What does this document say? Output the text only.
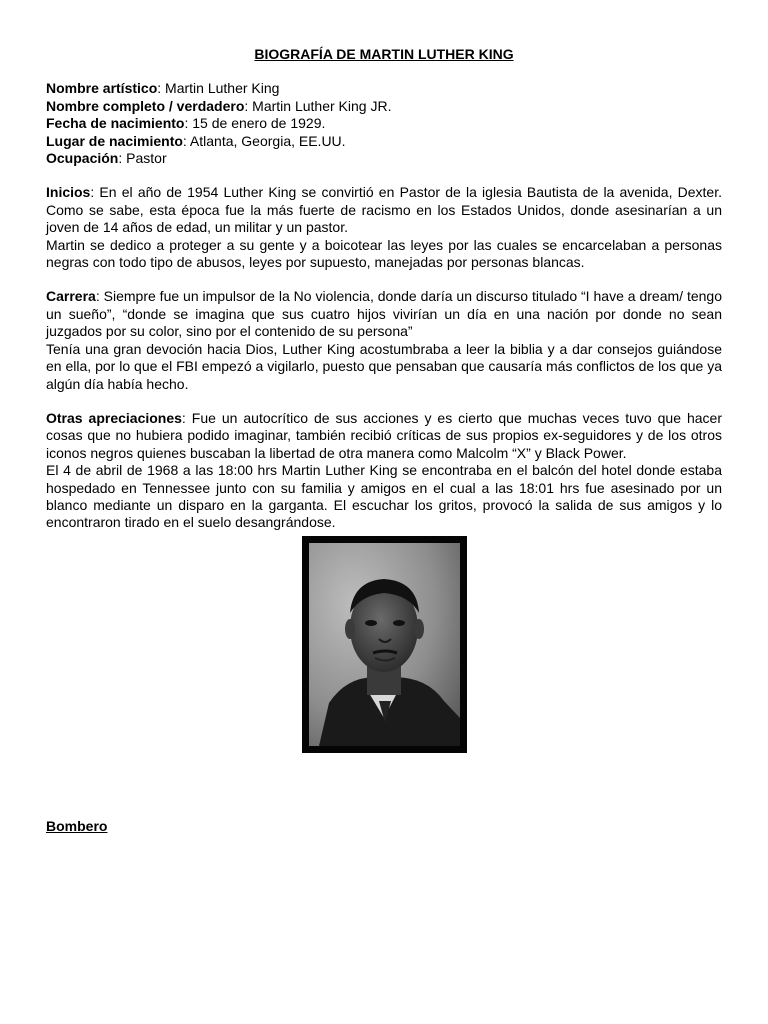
BIOGRAFÍA DE MARTIN LUTHER KING
Nombre artístico: Martin Luther King
Nombre completo / verdadero: Martin Luther King JR.
Fecha de nacimiento: 15 de enero de 1929.
Lugar de nacimiento: Atlanta, Georgia, EE.UU.
Ocupación: Pastor

Inicios: En el año de 1954 Luther King se convirtió en Pastor de la iglesia Bautista de la avenida, Dexter. Como se sabe, esta época fue la más fuerte de racismo en los Estados Unidos, donde asesinarían a un joven de 14 años de edad, un militar y un pastor.

Martin se dedico a proteger a su gente y a boicotear las leyes por las cuales se encarcelaban a personas negras con todo tipo de abusos, leyes por supuesto, manejadas por personas blancas.

Carrera: Siempre fue un impulsor de la No violencia, donde daría un discurso titulado “I have a dream/ tengo un sueño”, “donde se imagina que sus cuatro hijos vivirían un día en una nación por donde no sean juzgados por su color, sino por el contenido de su persona”

Tenía una gran devoción hacia Dios, Luther King acostumbraba a leer la biblia y a dar consejos guiándose en ella, por lo que el FBI empezó a vigilarlo, puesto que pensaban que causaría más conflictos de los que ya algún día había hecho.

Otras apreciaciones: Fue un autocrítico de sus acciones y es cierto que muchas veces tuvo que hacer cosas que no hubiera podido imaginar, también recibió críticas de sus propios ex-seguidores y de los otros iconos negros quienes buscaban la libertad de otra manera como Malcolm “X” y Black Power.

El 4 de abril de 1968 a las 18:00 hrs Martin Luther King se encontraba en el balcón del hotel donde estaba hospedado en Tennessee junto con su familia y amigos en el cual a las 18:01 hrs fue asesinado por un blanco mediante un disparo en la garganta. El escuchar los gritos, provocó la salida de sus amigos y lo encontraron tirado en el suelo desangrándose.

Bombero
